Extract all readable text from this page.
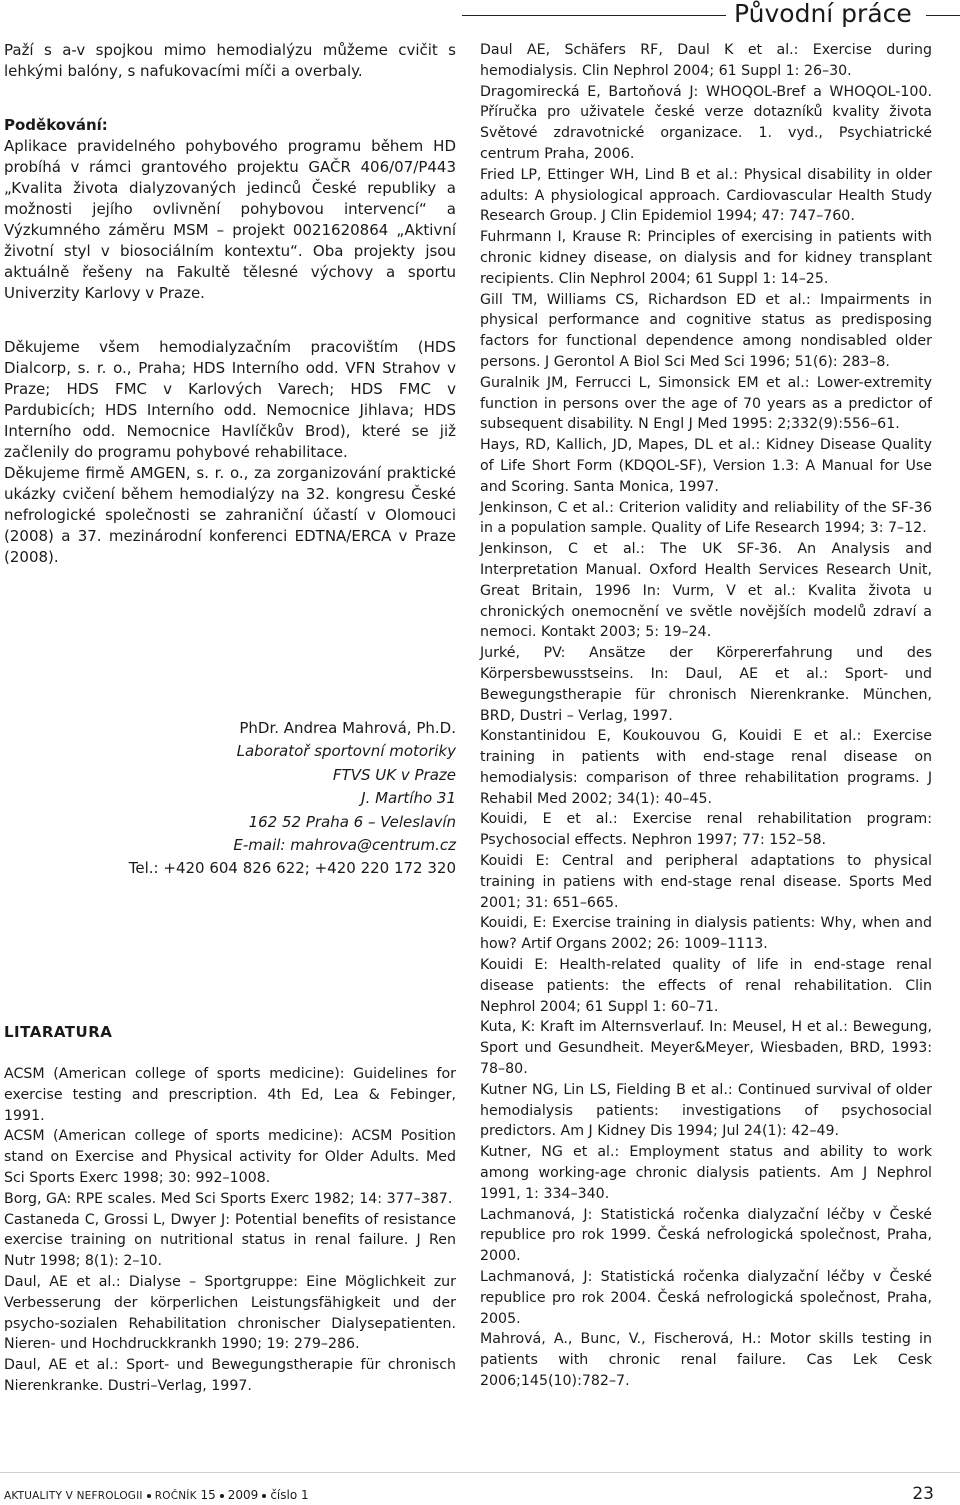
Původní práce

Paží s a-v spojkou mimo hemodialýzu můžeme cvičit s lehkými balóny, s nafukovacími míči a overbaly.

Poděkování:

Aplikace pravidelného pohybového programu během HD probíhá v rámci grantového projektu GAČR 406/07/P443 „Kvalita života dialyzovaných jedinců České republiky a možnosti jejího ovlivnění pohybovou intervencí“ a Výzkumného záměru MSM – projekt 0021620864 „Aktivní životní styl v biosociálním kontextu“. Oba projekty jsou aktuálně řešeny na Fakultě tělesné výchovy a sportu Univerzity Karlovy v Praze.

Děkujeme všem hemodialyzačním pracovištím (HDS Dialcorp, s. r. o., Praha; HDS Interního odd. VFN Strahov v Praze; HDS FMC v Karlových Varech; HDS FMC v Pardubicích; HDS Interního odd. Nemocnice Jihlava; HDS Interního odd. Nemocnice Havlíčkův Brod), které se již začlenily do programu pohybové rehabilitace.

Děkujeme firmě AMGEN, s. r. o., za zorganizování praktické ukázky cvičení během hemodialýzy na 32. kongresu České nefrologické společnosti se zahraniční účastí v Olomouci (2008) a 37. mezinárodní konferenci EDTNA/ERCA v Praze (2008).

PhDr. Andrea Mahrová, Ph.D.
Laboratoř sportovní motoriky
FTVS UK v Praze
J. Martího 31
162 52 Praha 6 – Veleslavín
E-mail: mahrova@centrum.cz
Tel.: +420 604 826 622; +420 220 172 320
LITARATURA

ACSM (American college of sports medicine): Guidelines for exercise testing and prescription. 4th Ed, Lea & Febinger, 1991.

ACSM (American college of sports medicine): ACSM Position stand on Exercise and Physical activity for Older Adults. Med Sci Sports Exerc 1998; 30: 992–1008.

Borg, GA: RPE scales. Med Sci Sports Exerc 1982; 14: 377–387.

Castaneda C, Grossi L, Dwyer J: Potential benefits of resistance exercise training on nutritional status in renal failure. J Ren Nutr 1998; 8(1): 2–10.

Daul, AE et al.: Dialyse – Sportgruppe: Eine Möglichkeit zur Verbesserung der körperlichen Leistungsfähigkeit und der psycho-sozialen Rehabilitation chronischer Dialysepatienten. Nieren- und Hochdruckkrankh 1990; 19: 279–286.

Daul, AE et al.: Sport- und Bewegungstherapie für chronisch Nierenkranke. Dustri–Verlag, 1997.

Daul AE, Schäfers RF, Daul K et al.: Exercise during hemodialysis. Clin Nephrol 2004; 61 Suppl 1: 26–30.

Dragomirecká E, Bartoňová J: WHOQOL-Bref a WHOQOL-100. Příručka pro uživatele české verze dotazníků kvality života Světové zdravotnické organizace. 1. vyd., Psychiatrické centrum Praha, 2006.

Fried LP, Ettinger WH, Lind B et al.: Physical disability in older adults: A physiological approach. Cardiovascular Health Study Research Group. J Clin Epidemiol 1994; 47: 747–760.

Fuhrmann I, Krause R: Principles of exercising in patients with chronic kidney disease, on dialysis and for kidney transplant recipients. Clin Nephrol 2004; 61 Suppl 1: 14–25.

Gill TM, Williams CS, Richardson ED et al.: Impairments in physical performance and cognitive status as predisposing factors for functional dependence among nondisabled older persons. J Gerontol A Biol Sci Med Sci 1996; 51(6): 283–8.

Guralnik JM, Ferrucci L, Simonsick EM et al.: Lower-extremity function in persons over the age of 70 years as a predictor of subsequent disability. N Engl J Med 1995: 2;332(9):556–61.

Hays, RD, Kallich, JD, Mapes, DL et al.: Kidney Disease Quality of Life Short Form (KDQOL-SF), Version 1.3: A Manual for Use and Scoring. Santa Monica, 1997.

Jenkinson, C et al.: Criterion validity and reliability of the SF-36 in a population sample. Quality of Life Research 1994; 3: 7–12.

Jenkinson, C et al.: The UK SF-36. An Analysis and Interpretation Manual. Oxford Health Services Research Unit, Great Britain, 1996 In: Vurm, V et al.: Kvalita života u chronických onemocnění ve světle novějších modelů zdraví a nemoci. Kontakt 2003; 5: 19–24.

Jurké, PV: Ansätze der Körpererfahrung und des Körpersbewusstseins. In: Daul, AE et al.: Sport- und Bewegungstherapie für chronisch Nierenkranke. München, BRD, Dustri – Verlag, 1997.

Konstantinidou E, Koukouvou G, Kouidi E et al.: Exercise training in patients with end-stage renal disease on hemodialysis: comparison of three rehabilitation programs. J Rehabil Med 2002; 34(1): 40–45.

Kouidi, E et al.: Exercise renal rehabilitation program: Psychosocial effects. Nephron 1997; 77: 152–58.

Kouidi E: Central and peripheral adaptations to physical training in patiens with end-stage renal disease. Sports Med 2001; 31: 651–665.

Kouidi, E: Exercise training in dialysis patients: Why, when and how? Artif Organs 2002; 26: 1009–1113.

Kouidi E: Health-related quality of life in end-stage renal disease patients: the effects of renal rehabilitation. Clin Nephrol 2004; 61 Suppl 1: 60–71.

Kuta, K: Kraft im Alternsverlauf. In: Meusel, H et al.: Bewegung, Sport und Gesundheit. Meyer&Meyer, Wiesbaden, BRD, 1993: 78–80.

Kutner NG, Lin LS, Fielding B et al.: Continued survival of older hemodialysis patients: investigations of psychosocial predictors. Am J Kidney Dis 1994; Jul 24(1): 42–49.

Kutner, NG et al.: Employment status and ability to work among working-age chronic dialysis patients. Am J Nephrol 1991, 1: 334–340.

Lachmanová, J: Statistická ročenka dialyzační léčby v České republice pro rok 1999. Česká nefrologická společnost, Praha, 2000.

Lachmanová, J: Statistická ročenka dialyzační léčby v České republice pro rok 2004. Česká nefrologická společnost, Praha, 2005.

Mahrová, A., Bunc, V., Fischerová, H.: Motor skills testing in patients with chronic renal failure. Cas Lek Cesk 2006;145(10):782–7.

AKTUALITY V NEFROLOGII ROČNÍK 15 2009 číslo 1	23
